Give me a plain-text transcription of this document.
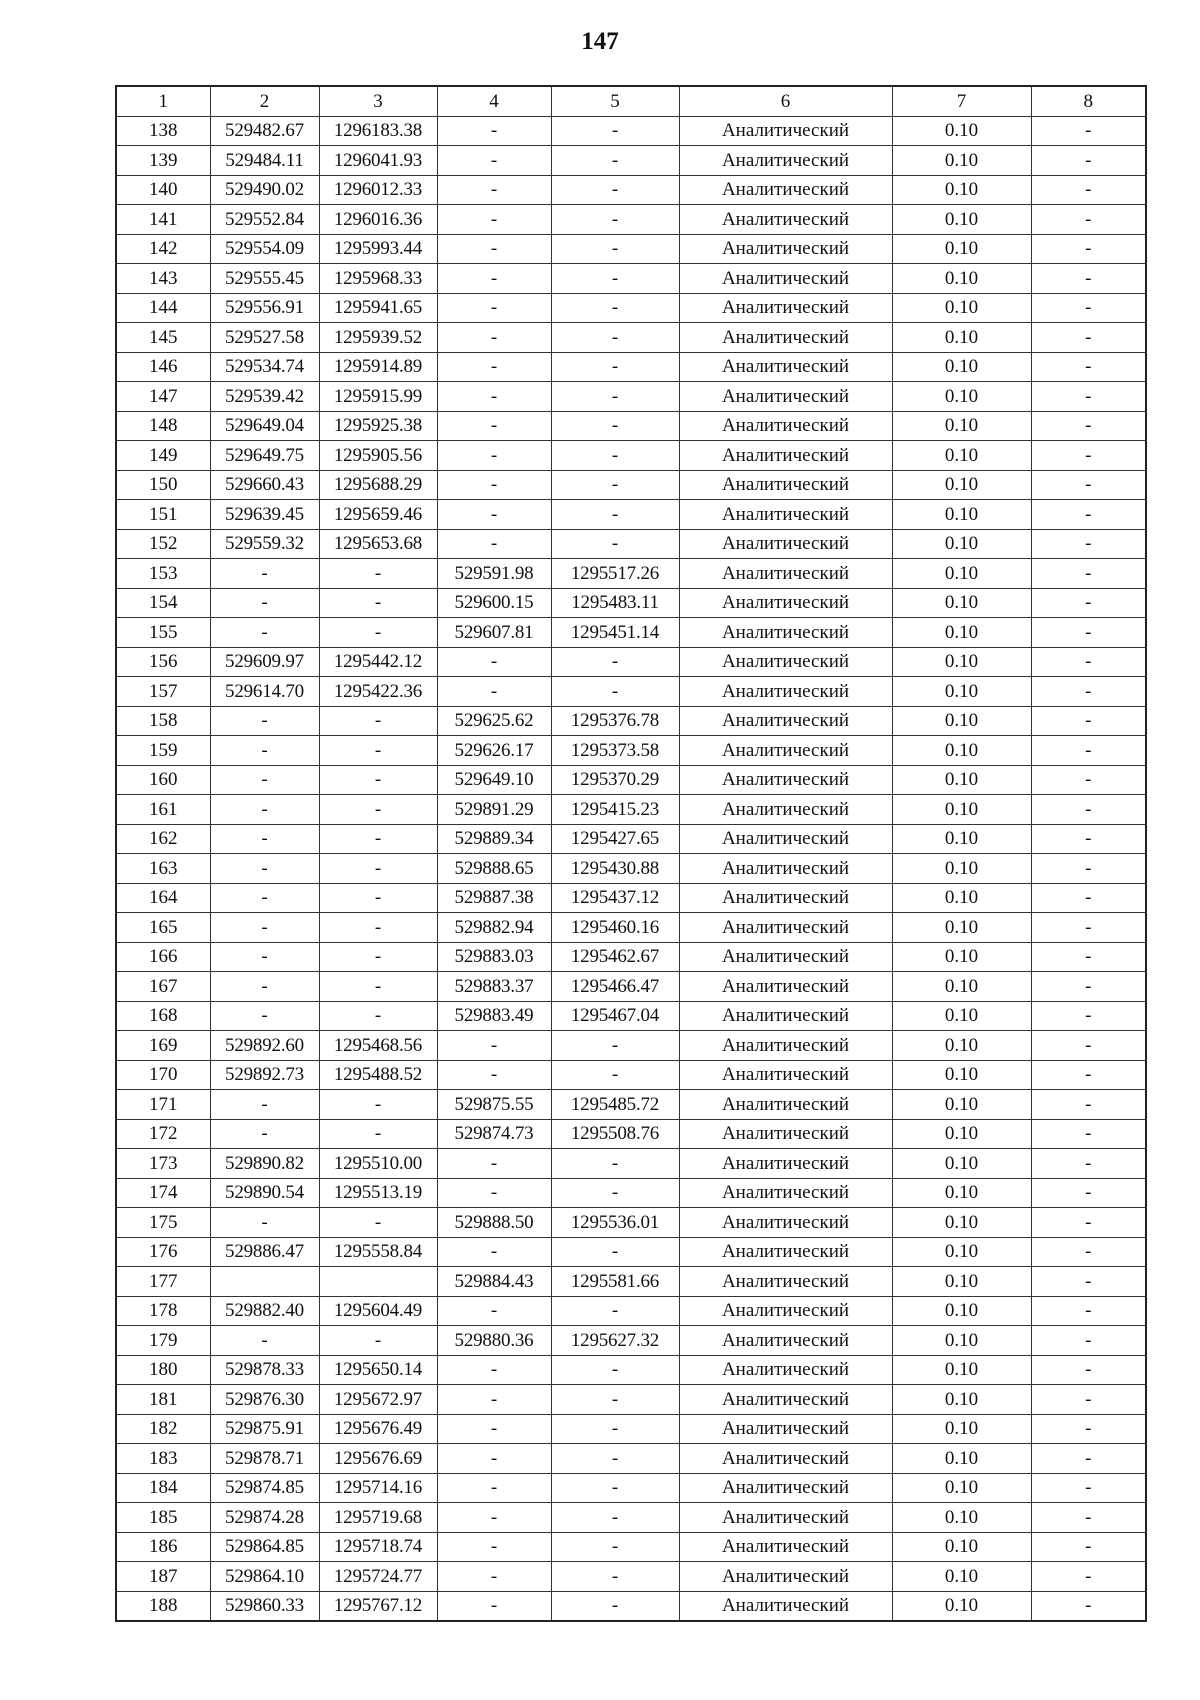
147
1	2	3	4	5	6	7	8
138	529482.67	1296183.38	-	-	Аналитический	0.10	-
139	529484.11	1296041.93	-	-	Аналитический	0.10	-
140	529490.02	1296012.33	-	-	Аналитический	0.10	-
141	529552.84	1296016.36	-	-	Аналитический	0.10	-
142	529554.09	1295993.44	-	-	Аналитический	0.10	-
143	529555.45	1295968.33	-	-	Аналитический	0.10	-
144	529556.91	1295941.65	-	-	Аналитический	0.10	-
145	529527.58	1295939.52	-	-	Аналитический	0.10	-
146	529534.74	1295914.89	-	-	Аналитический	0.10	-
147	529539.42	1295915.99	-	-	Аналитический	0.10	-
148	529649.04	1295925.38	-	-	Аналитический	0.10	-
149	529649.75	1295905.56	-	-	Аналитический	0.10	-
150	529660.43	1295688.29	-	-	Аналитический	0.10	-
151	529639.45	1295659.46	-	-	Аналитический	0.10	-
152	529559.32	1295653.68	-	-	Аналитический	0.10	-
153	-	-	529591.98	1295517.26	Аналитический	0.10	-
154	-	-	529600.15	1295483.11	Аналитический	0.10	-
155	-	-	529607.81	1295451.14	Аналитический	0.10	-
156	529609.97	1295442.12	-	-	Аналитический	0.10	-
157	529614.70	1295422.36	-	-	Аналитический	0.10	-
158	-	-	529625.62	1295376.78	Аналитический	0.10	-
159	-	-	529626.17	1295373.58	Аналитический	0.10	-
160	-	-	529649.10	1295370.29	Аналитический	0.10	-
161	-	-	529891.29	1295415.23	Аналитический	0.10	-
162	-	-	529889.34	1295427.65	Аналитический	0.10	-
163	-	-	529888.65	1295430.88	Аналитический	0.10	-
164	-	-	529887.38	1295437.12	Аналитический	0.10	-
165	-	-	529882.94	1295460.16	Аналитический	0.10	-
166	-	-	529883.03	1295462.67	Аналитический	0.10	-
167	-	-	529883.37	1295466.47	Аналитический	0.10	-
168	-	-	529883.49	1295467.04	Аналитический	0.10	-
169	529892.60	1295468.56	-	-	Аналитический	0.10	-
170	529892.73	1295488.52	-	-	Аналитический	0.10	-
171	-	-	529875.55	1295485.72	Аналитический	0.10	-
172	-	-	529874.73	1295508.76	Аналитический	0.10	-
173	529890.82	1295510.00	-	-	Аналитический	0.10	-
174	529890.54	1295513.19	-	-	Аналитический	0.10	-
175	-	-	529888.50	1295536.01	Аналитический	0.10	-
176	529886.47	1295558.84	-	-	Аналитический	0.10	-
177			529884.43	1295581.66	Аналитический	0.10	-
178	529882.40	1295604.49	-	-	Аналитический	0.10	-
179	-	-	529880.36	1295627.32	Аналитический	0.10	-
180	529878.33	1295650.14	-	-	Аналитический	0.10	-
181	529876.30	1295672.97	-	-	Аналитический	0.10	-
182	529875.91	1295676.49	-	-	Аналитический	0.10	-
183	529878.71	1295676.69	-	-	Аналитический	0.10	-
184	529874.85	1295714.16	-	-	Аналитический	0.10	-
185	529874.28	1295719.68	-	-	Аналитический	0.10	-
186	529864.85	1295718.74	-	-	Аналитический	0.10	-
187	529864.10	1295724.77	-	-	Аналитический	0.10	-
188	529860.33	1295767.12	-	-	Аналитический	0.10	-
